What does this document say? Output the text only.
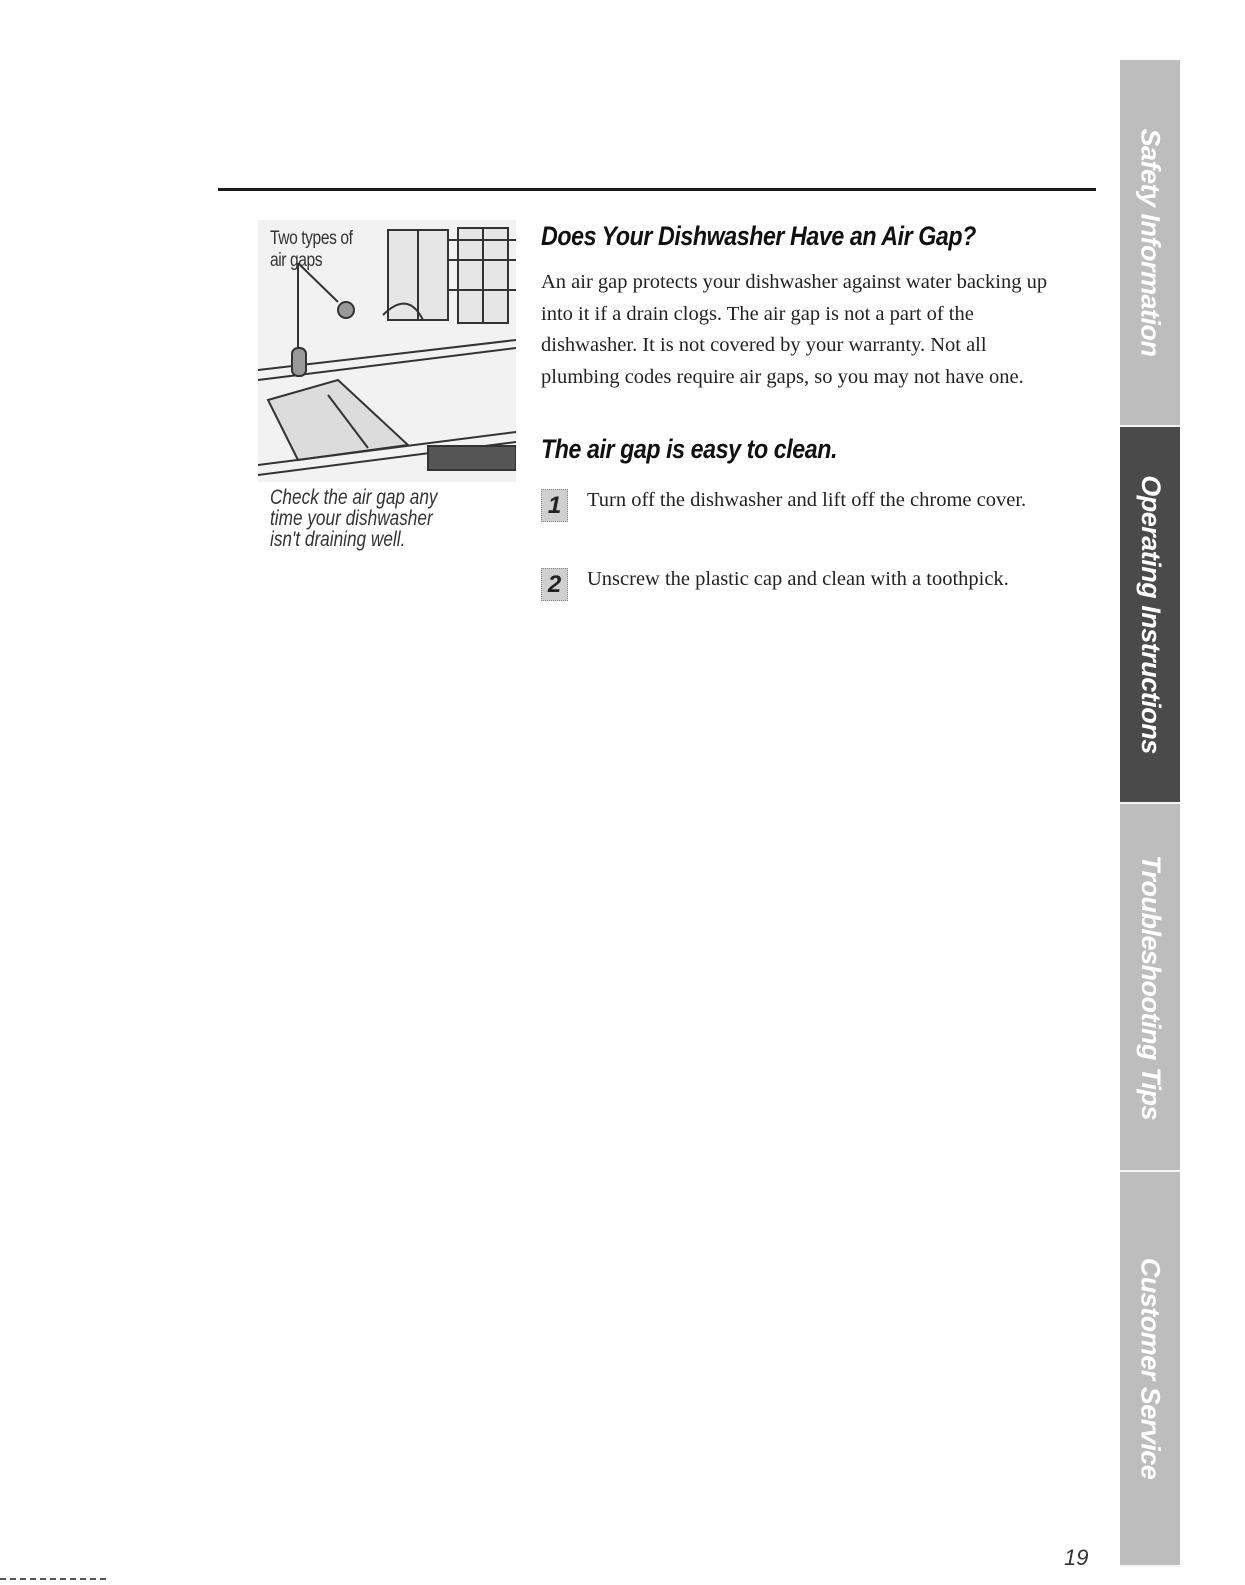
Two types of air gaps
Check the air gap any time your dishwasher isn't draining well.
Does Your Dishwasher Have an Air Gap?
An air gap protects your dishwasher against water backing up into it if a drain clogs. The air gap is not a part of the dishwasher. It is not covered by your warranty. Not all plumbing codes require air gaps, so you may not have one.
The air gap is easy to clean.
1	Turn off the dishwasher and lift off the chrome cover.
2	Unscrew the plastic cap and clean with a toothpick.
Safety Information
Operating Instructions
Troubleshooting Tips
Customer Service
19
